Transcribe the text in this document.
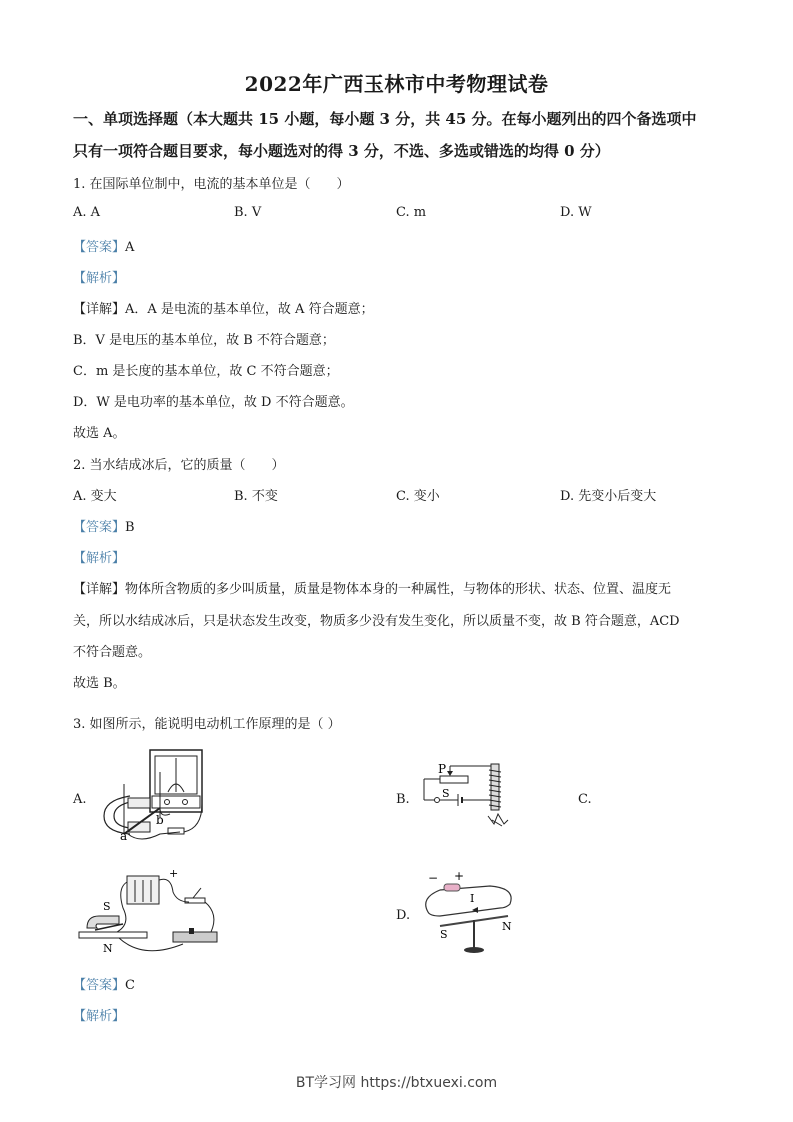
2022年广西玉林市中考物理试卷
一、单项选择题（本大题共 15 小题，每小题 3 分，共 45 分。在每小题列出的四个备选项中
只有一项符合题目要求，每小题选对的得 3 分，不选、多选或错选的均得 0 分）
1. 在国际单位制中，电流的基本单位是（　　）
A. A	B. V	C. m	D. W
【答案】A
【解析】
【详解】A．A 是电流的基本单位，故 A 符合题意；
B．V 是电压的基本单位，故 B 不符合题意；
C．m 是长度的基本单位，故 C 不符合题意；
D．W 是电功率的基本单位，故 D 不符合题意。
故选 A。
2. 当水结成冰后，它的质量（　　）
A. 变大	B. 不变	C. 变小	D. 先变小后变大
【答案】B
【解析】
【详解】物体所含物质的多少叫质量，质量是物体本身的一种属性，与物体的形状、状态、位置、温度无
关，所以水结成冰后，只是状态发生改变，物质多少没有发生变化，所以质量不变，故 B 符合题意，ACD
不符合题意。
故选 B。
3. 如图所示，能说明电动机工作原理的是（ ）
A.
a
b
B.
P
S	C.
S
N
+
D.
− +
I
S
N
【答案】C
【解析】
BT学习网 https://btxuexi.com
